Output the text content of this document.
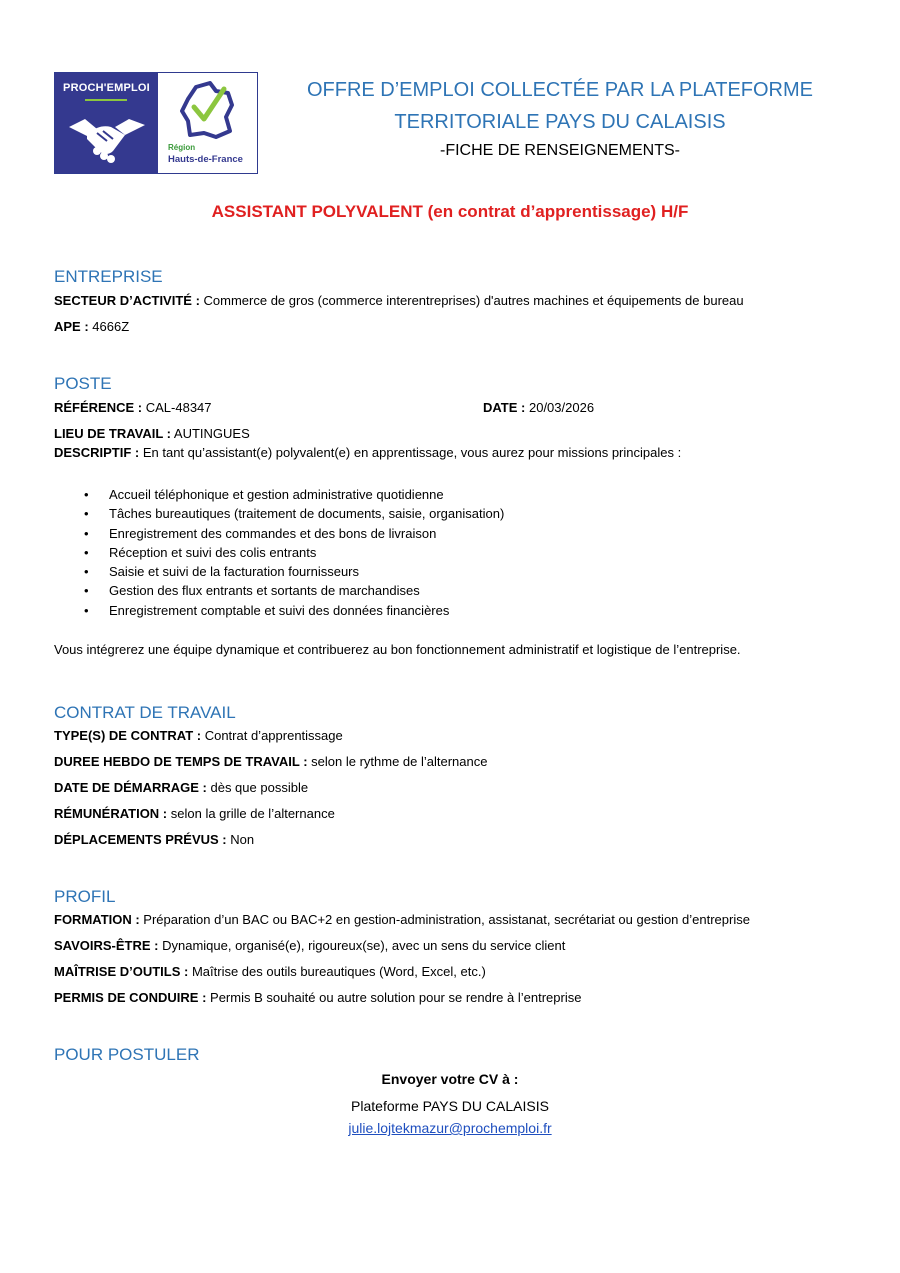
PROCH'EMPLOI
Région
Hauts-de-France
OFFRE D’EMPLOI COLLECTÉE PAR LA PLATEFORME
TERRITORIALE PAYS DU CALAISIS
-FICHE DE RENSEIGNEMENTS-
ASSISTANT POLYVALENT (en contrat d’apprentissage) H/F
ENTREPRISE
SECTEUR D’ACTIVITÉ : Commerce de gros (commerce interentreprises) d'autres machines et équipements de bureau
APE : 4666Z
POSTE
RÉFÉRENCE : CAL-48347	DATE : 20/03/2026
LIEU DE TRAVAIL : AUTINGUES
DESCRIPTIF : En tant qu’assistant(e) polyvalent(e) en apprentissage, vous aurez pour missions principales :
• Accueil téléphonique et gestion administrative quotidienne
• Tâches bureautiques (traitement de documents, saisie, organisation)
• Enregistrement des commandes et des bons de livraison
• Réception et suivi des colis entrants
• Saisie et suivi de la facturation fournisseurs
• Gestion des flux entrants et sortants de marchandises
• Enregistrement comptable et suivi des données financières
Vous intégrerez une équipe dynamique et contribuerez au bon fonctionnement administratif et logistique de l’entreprise.
CONTRAT DE TRAVAIL
TYPE(S) DE CONTRAT : Contrat d’apprentissage
DUREE HEBDO DE TEMPS DE TRAVAIL : selon le rythme de l’alternance
DATE DE DÉMARRAGE : dès que possible
RÉMUNÉRATION : selon la grille de l’alternance
DÉPLACEMENTS PRÉVUS : Non
PROFIL
FORMATION : Préparation d’un BAC ou BAC+2 en gestion-administration, assistanat, secrétariat ou gestion d’entreprise
SAVOIRS-ÊTRE : Dynamique, organisé(e), rigoureux(se), avec un sens du service client
MAÎTRISE D’OUTILS : Maîtrise des outils bureautiques (Word, Excel, etc.)
PERMIS DE CONDUIRE : Permis B souhaité ou autre solution pour se rendre à l’entreprise
POUR POSTULER
Envoyer votre CV à :
Plateforme PAYS DU CALAISIS
julie.lojtekmazur@prochemploi.fr
